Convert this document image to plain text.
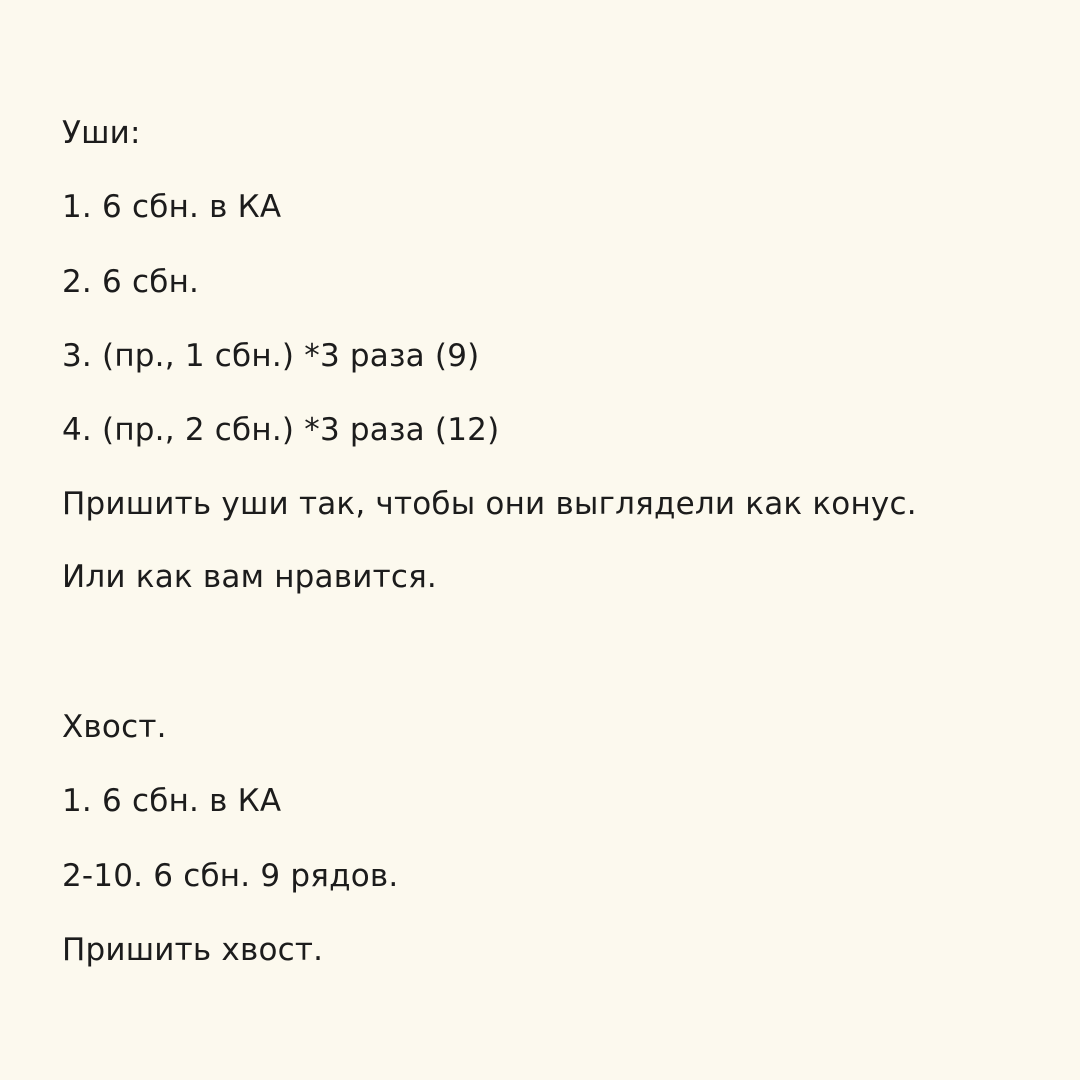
Уши:

1. 6 сбн. в КА

2. 6 сбн.

3. (пр., 1 сбн.) *3 раза (9)

4. (пр., 2 сбн.) *3 раза (12)

Пришить уши так, чтобы они выглядели как конус.

Или как вам нравится.

Хвост.

1. 6 сбн. в КА

2-10. 6 сбн. 9 рядов.

Пришить хвост.
